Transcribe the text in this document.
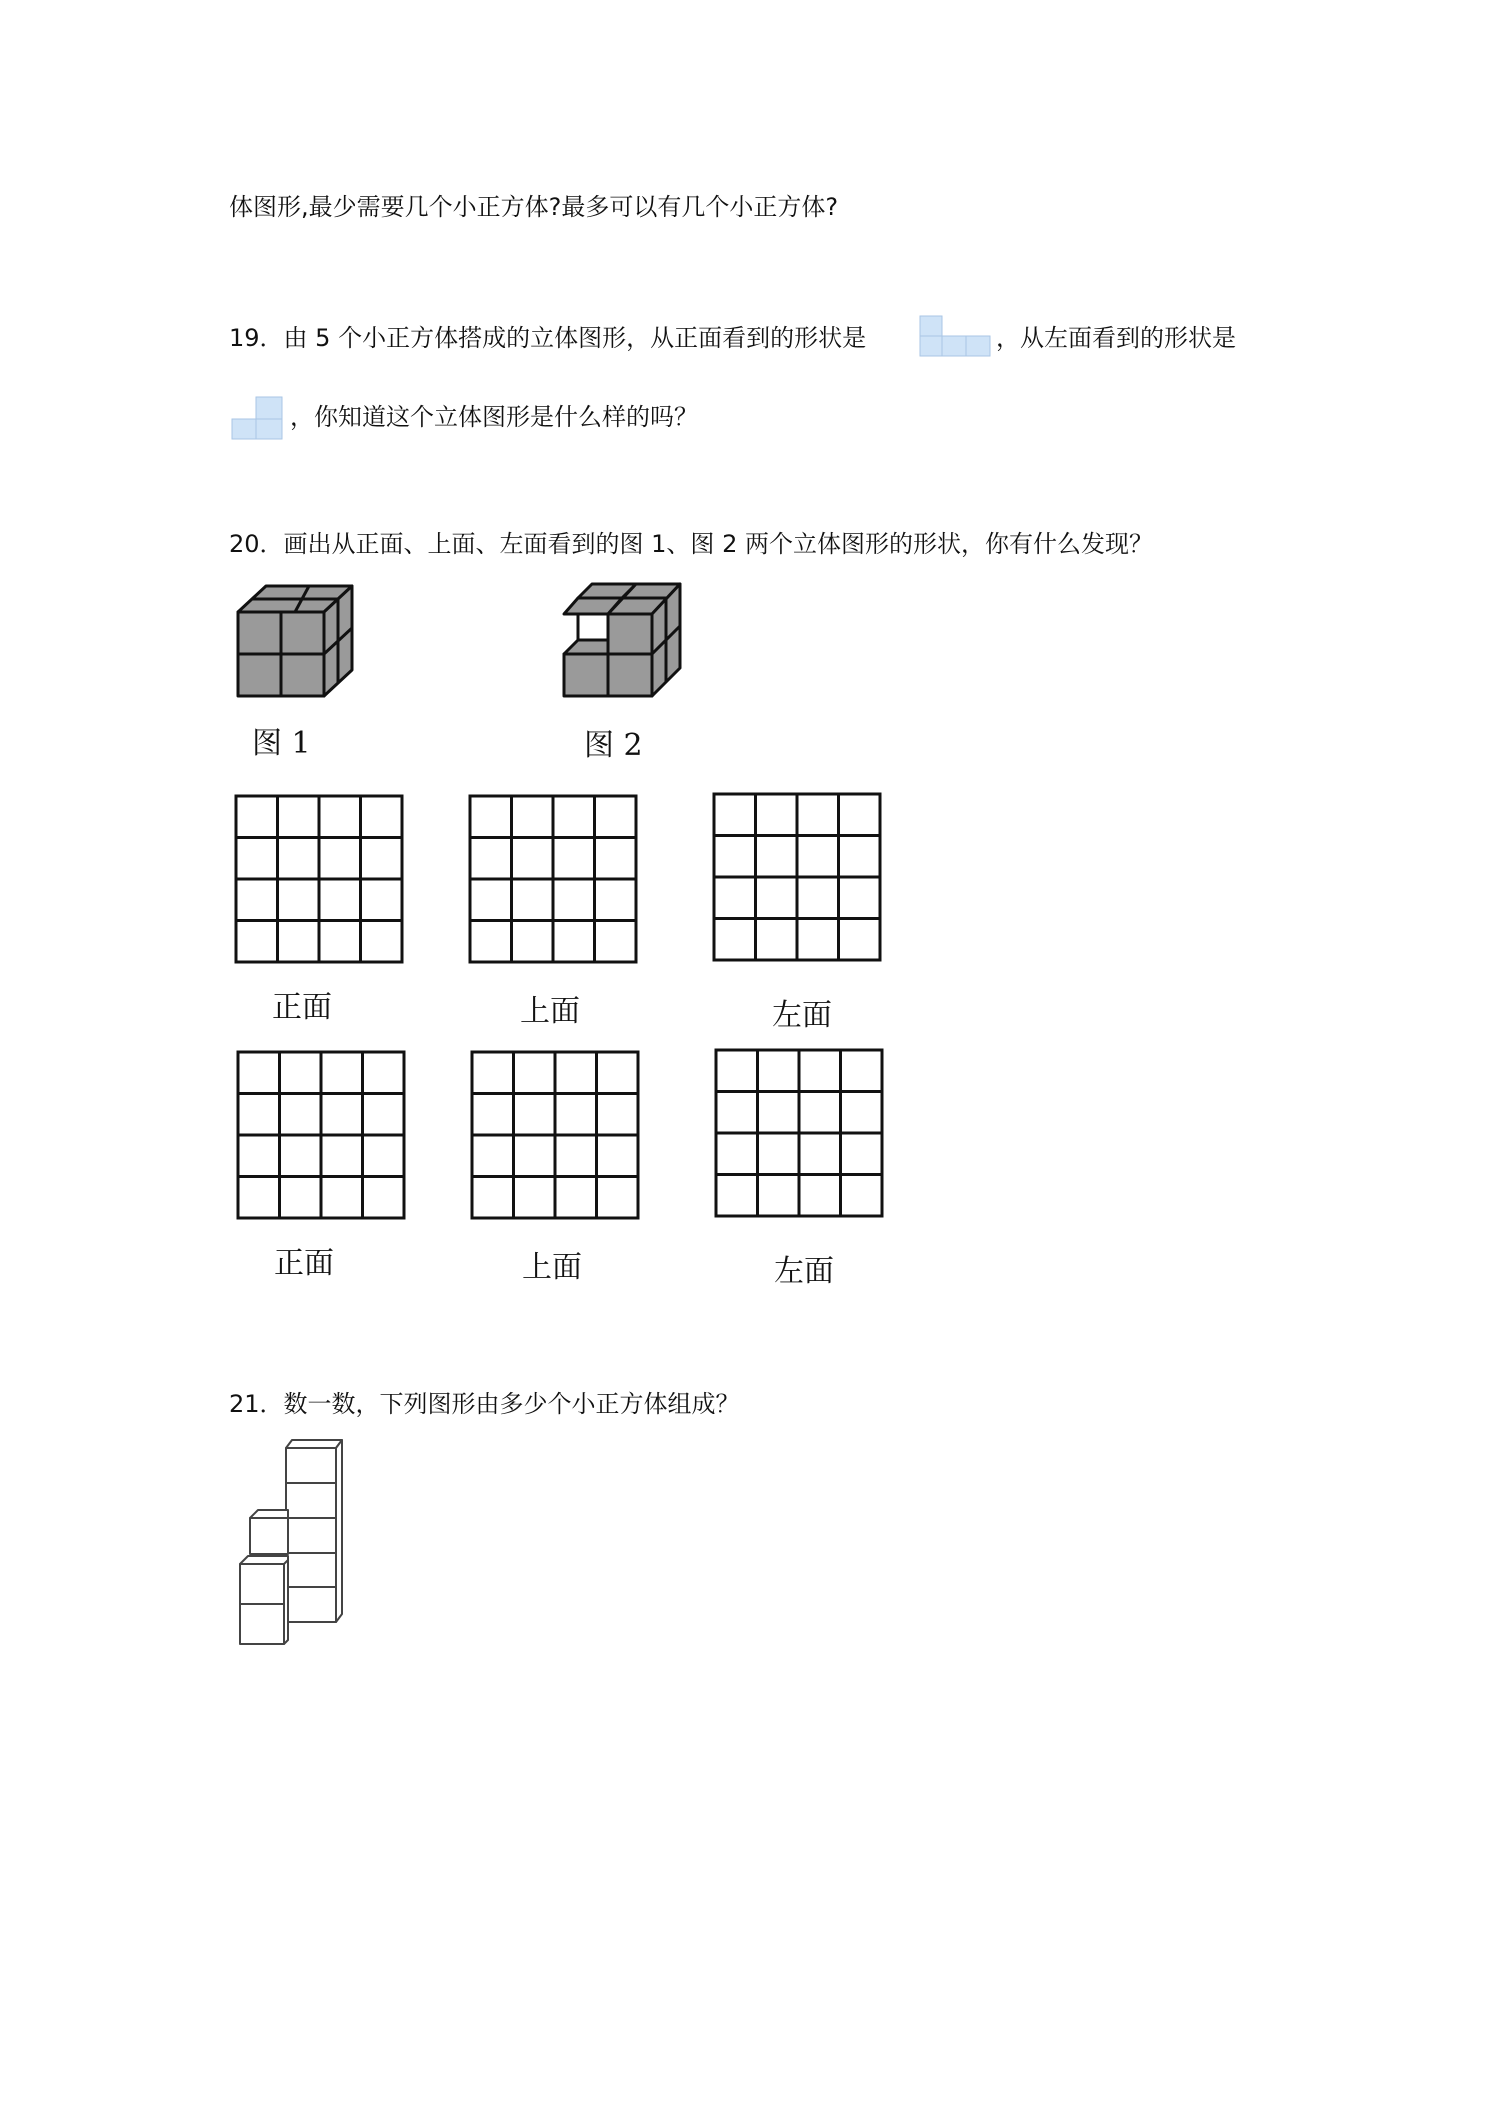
体图形,最少需要几个小正方体?最多可以有几个小正方体?
19．由 5 个小正方体搭成的立体图形，从正面看到的形状是	，从左面看到的形状是
，你知道这个立体图形是什么样的吗？
20．画出从正面、上面、左面看到的图 1、图 2 两个立体图形的形状，你有什么发现？
图 1	图 2
正面	上面	左面
正面	上面	左面
21．数一数，下列图形由多少个小正方体组成？
